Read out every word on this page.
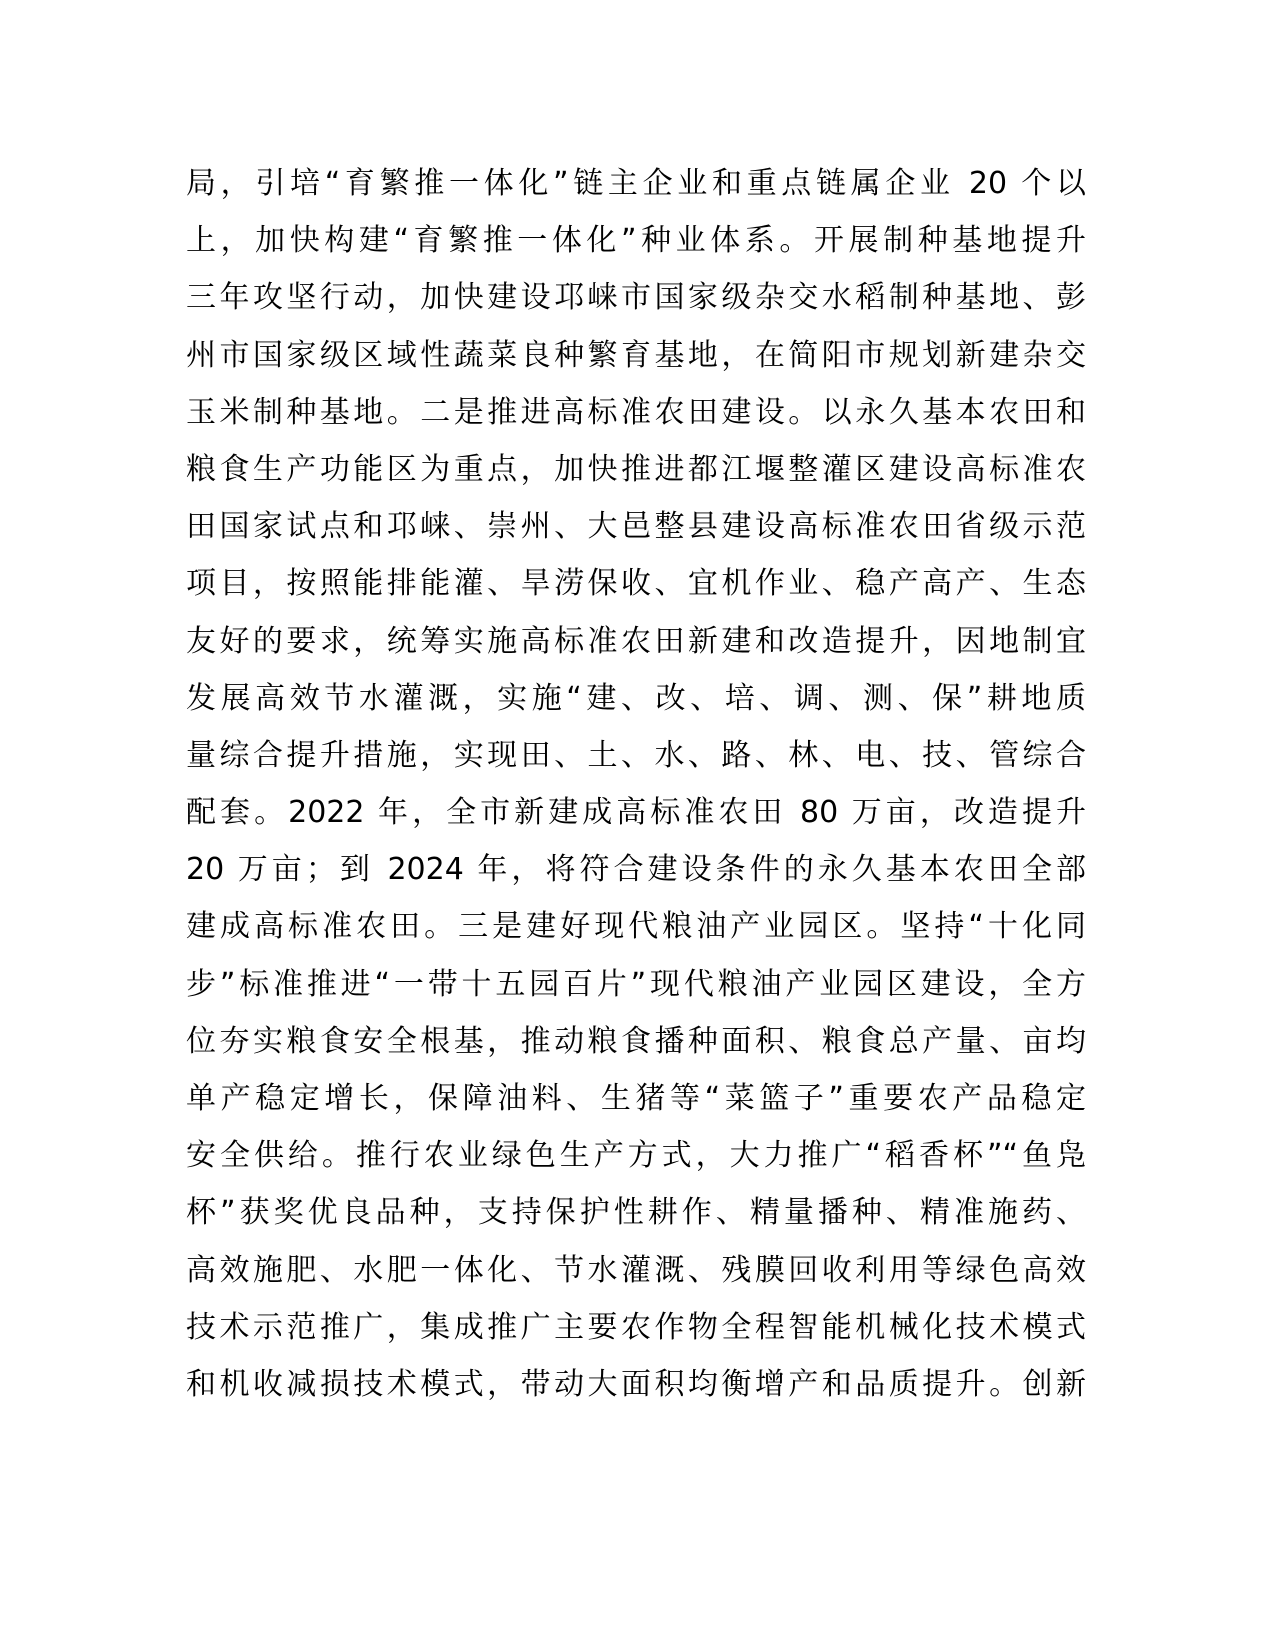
局，引培“育繁推一体化”链主企业和重点链属企业 20 个以
上，加快构建“育繁推一体化”种业体系。开展制种基地提升
三年攻坚行动，加快建设邛崃市国家级杂交水稻制种基地、彭
州市国家级区域性蔬菜良种繁育基地，在简阳市规划新建杂交
玉米制种基地。二是推进高标准农田建设。以永久基本农田和
粮食生产功能区为重点，加快推进都江堰整灌区建设高标准农
田国家试点和邛崃、崇州、大邑整县建设高标准农田省级示范
项目，按照能排能灌、旱涝保收、宜机作业、稳产高产、生态
友好的要求，统筹实施高标准农田新建和改造提升，因地制宜
发展高效节水灌溉，实施“建、改、培、调、测、保”耕地质
量综合提升措施，实现田、土、水、路、林、电、技、管综合
配套。2022 年，全市新建成高标准农田 80 万亩，改造提升
20 万亩；到 2024 年，将符合建设条件的永久基本农田全部
建成高标准农田。三是建好现代粮油产业园区。坚持“十化同
步”标准推进“一带十五园百片”现代粮油产业园区建设，全方
位夯实粮食安全根基，推动粮食播种面积、粮食总产量、亩均
单产稳定增长，保障油料、生猪等“菜篮子”重要农产品稳定
安全供给。推行农业绿色生产方式，大力推广“稻香杯”“鱼凫
杯”获奖优良品种，支持保护性耕作、精量播种、精准施药、
高效施肥、水肥一体化、节水灌溉、残膜回收利用等绿色高效
技术示范推广，集成推广主要农作物全程智能机械化技术模式
和机收减损技术模式，带动大面积均衡增产和品质提升。创新
